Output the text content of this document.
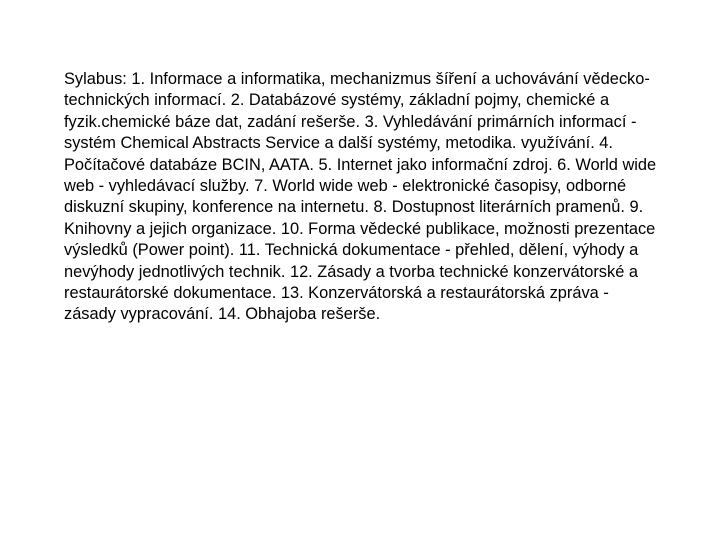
Sylabus: 1. Informace a informatika, mechanizmus šíření a uchovávání vědecko-technických informací. 2. Databázové systémy, základní pojmy, chemické a fyzik.chemické báze dat, zadání rešerše. 3. Vyhledávání primárních informací - systém Chemical Abstracts Service a další systémy, metodika. využívání. 4. Počítačové databáze BCIN, AATA. 5. Internet jako informační zdroj. 6. World wide web - vyhledávací služby. 7. World wide web - elektronické časopisy, odborné diskuzní skupiny, konference na internetu. 8. Dostupnost literárních pramenů. 9. Knihovny a jejich organizace. 10. Forma vědecké publikace, možnosti prezentace výsledků (Power point). 11. Technická dokumentace - přehled, dělení, výhody a nevýhody jednotlivých technik. 12. Zásady a tvorba technické konzervátorské a restaurátorské dokumentace. 13. Konzervátorská a restaurátorská zpráva - zásady vypracování. 14. Obhajoba rešerše.
